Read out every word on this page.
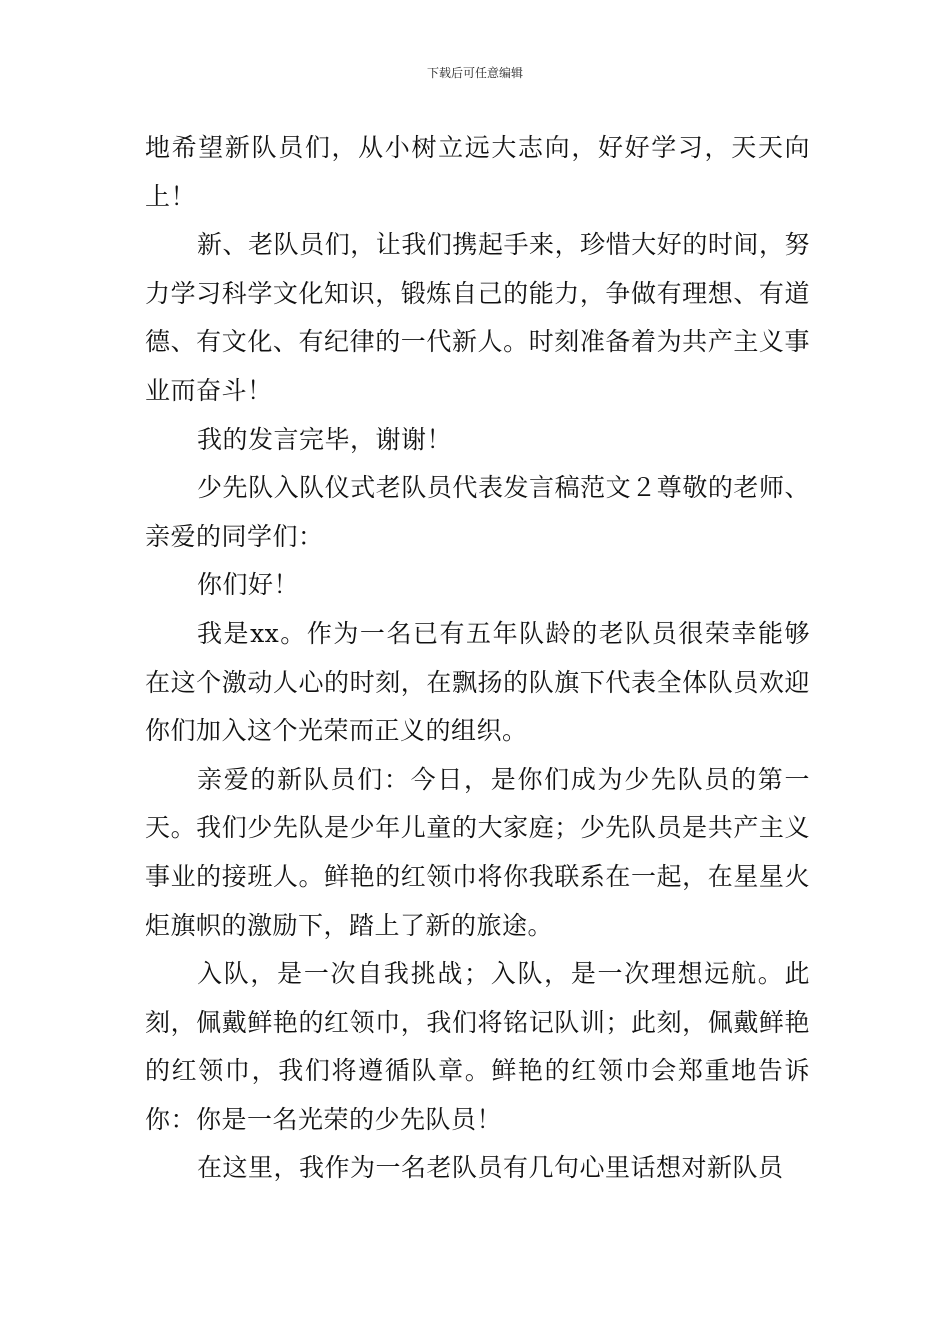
下载后可任意编辑

地希望新队员们，从小树立远大志向，好好学习，天天向上！

新、老队员们，让我们携起手来，珍惜大好的时间，努力学习科学文化知识，锻炼自己的能力，争做有理想、有道德、有文化、有纪律的一代新人。时刻准备着为共产主义事业而奋斗！

我的发言完毕，谢谢！

少先队入队仪式老队员代表发言稿范文２尊敬的老师、亲爱的同学们：

你们好！

我是xx。作为一名已有五年队龄的老队员很荣幸能够在这个激动人心的时刻，在飘扬的队旗下代表全体队员欢迎你们加入这个光荣而正义的组织。

亲爱的新队员们：今日，是你们成为少先队员的第一天。我们少先队是少年儿童的大家庭；少先队员是共产主义事业的接班人。鲜艳的红领巾将你我联系在一起，在星星火炬旗帜的激励下，踏上了新的旅途。

入队，是一次自我挑战；入队，是一次理想远航。此刻，佩戴鲜艳的红领巾，我们将铭记队训；此刻，佩戴鲜艳的红领巾，我们将遵循队章。鲜艳的红领巾会郑重地告诉你：你是一名光荣的少先队员！

在这里，我作为一名老队员有几句心里话想对新队员
